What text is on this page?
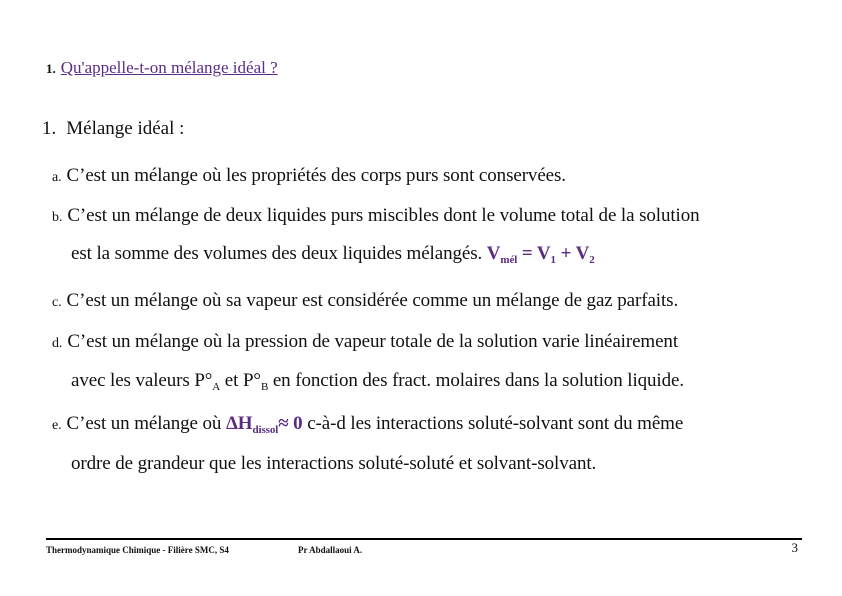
1. Qu'appelle-t-on mélange idéal ?
1. Mélange idéal :
a. C’est un mélange où les propriétés des corps purs sont conservées.
b. C’est un mélange de deux liquides purs miscibles dont le volume total de la solution
est la somme des volumes des deux liquides mélangés. $V_{mél} = V_1 + V_2$
c. C’est un mélange où sa vapeur est considérée comme un mélange de gaz parfaits.
d. C’est un mélange où la pression de vapeur totale de la solution varie linéairement
avec les valeurs $P^\circ_A$ et $P^\circ_B$ en fonction des fract. molaires dans la solution liquide.
e. C’est un mélange où $\Delta H_{dissol}\approx 0$ c-à-d les interactions soluté-solvant sont du même
ordre de grandeur que les interactions soluté-soluté et solvant-solvant.
Thermodynamique Chimique - Filière SMC, S4	Pr Abdallaoui A.	3
